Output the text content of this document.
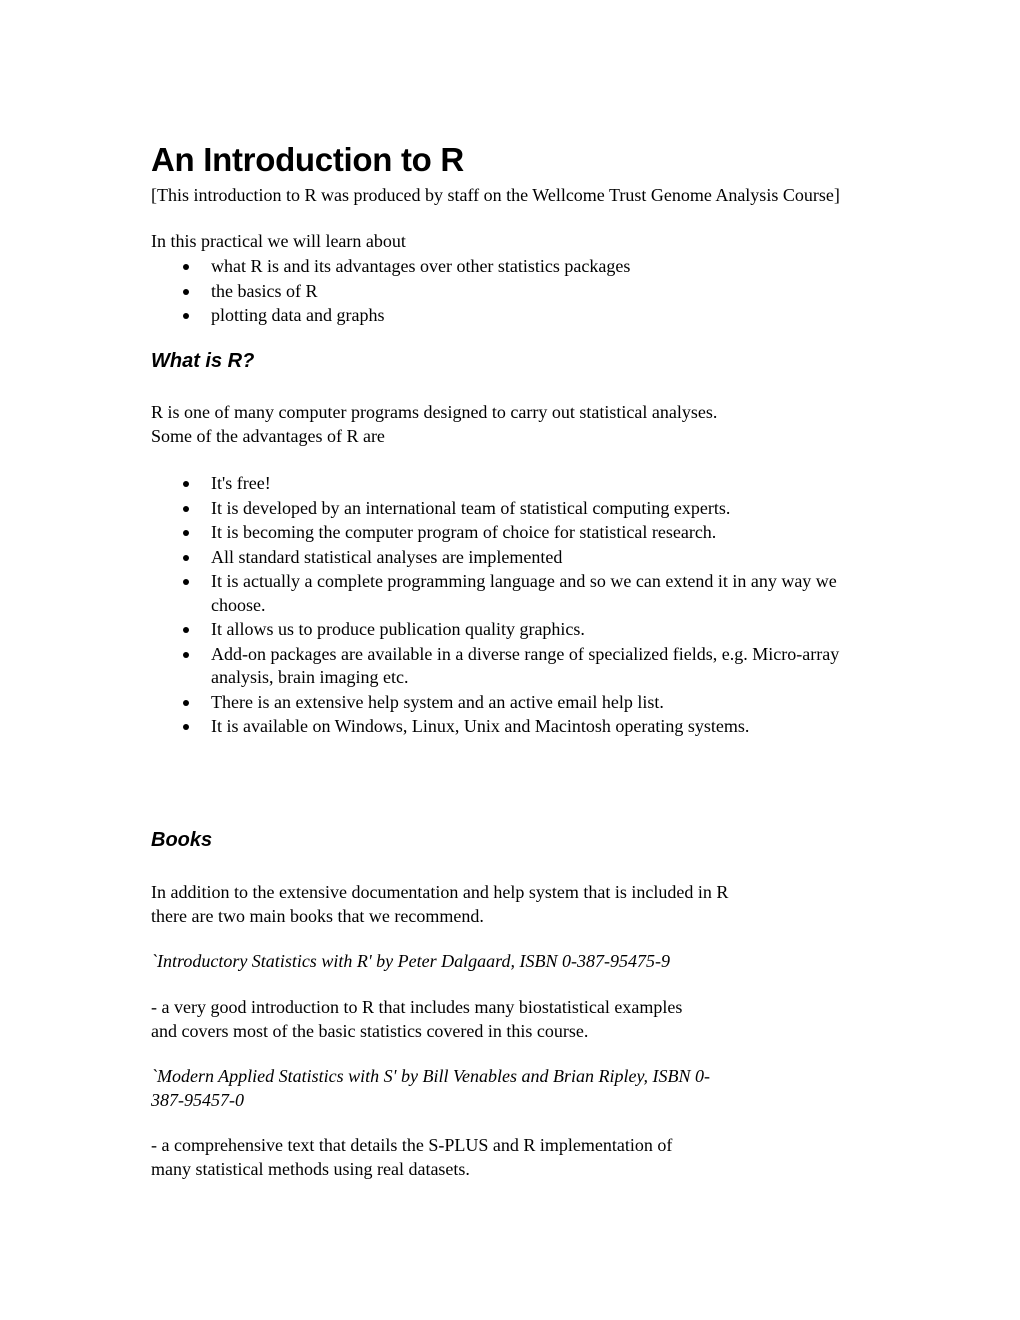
An Introduction to R
[This introduction to R was produced by staff on the Wellcome Trust Genome Analysis Course]
In this practical we will learn about
what R is and its advantages over other statistics packages
the basics of R
plotting data and graphs
What is R?
R is one of many computer programs designed to carry out statistical analyses.
Some of the advantages of R are
It's free!
It is developed by an international team of statistical computing experts.
It is becoming the computer program of choice for statistical research.
All standard statistical analyses are implemented
It is actually a complete programming language and so we can extend it in any way we choose.
It allows us to produce publication quality graphics.
Add-on packages are available in a diverse range of specialized fields, e.g. Micro-array analysis, brain imaging etc.
There is an extensive help system and an active email help list.
It is available on Windows, Linux, Unix and Macintosh operating systems.
Books
In addition to the extensive documentation and help system that is included in R
there are two main books that we recommend.
`Introductory Statistics with R' by Peter Dalgaard, ISBN 0-387-95475-9
- a very good introduction to R that includes many biostatistical examples
and covers most of the basic statistics covered in this course.
`Modern Applied Statistics with S' by Bill Venables and Brian Ripley, ISBN 0-
387-95457-0
- a comprehensive text that details the S-PLUS and R implementation of
many statistical methods using real datasets.
